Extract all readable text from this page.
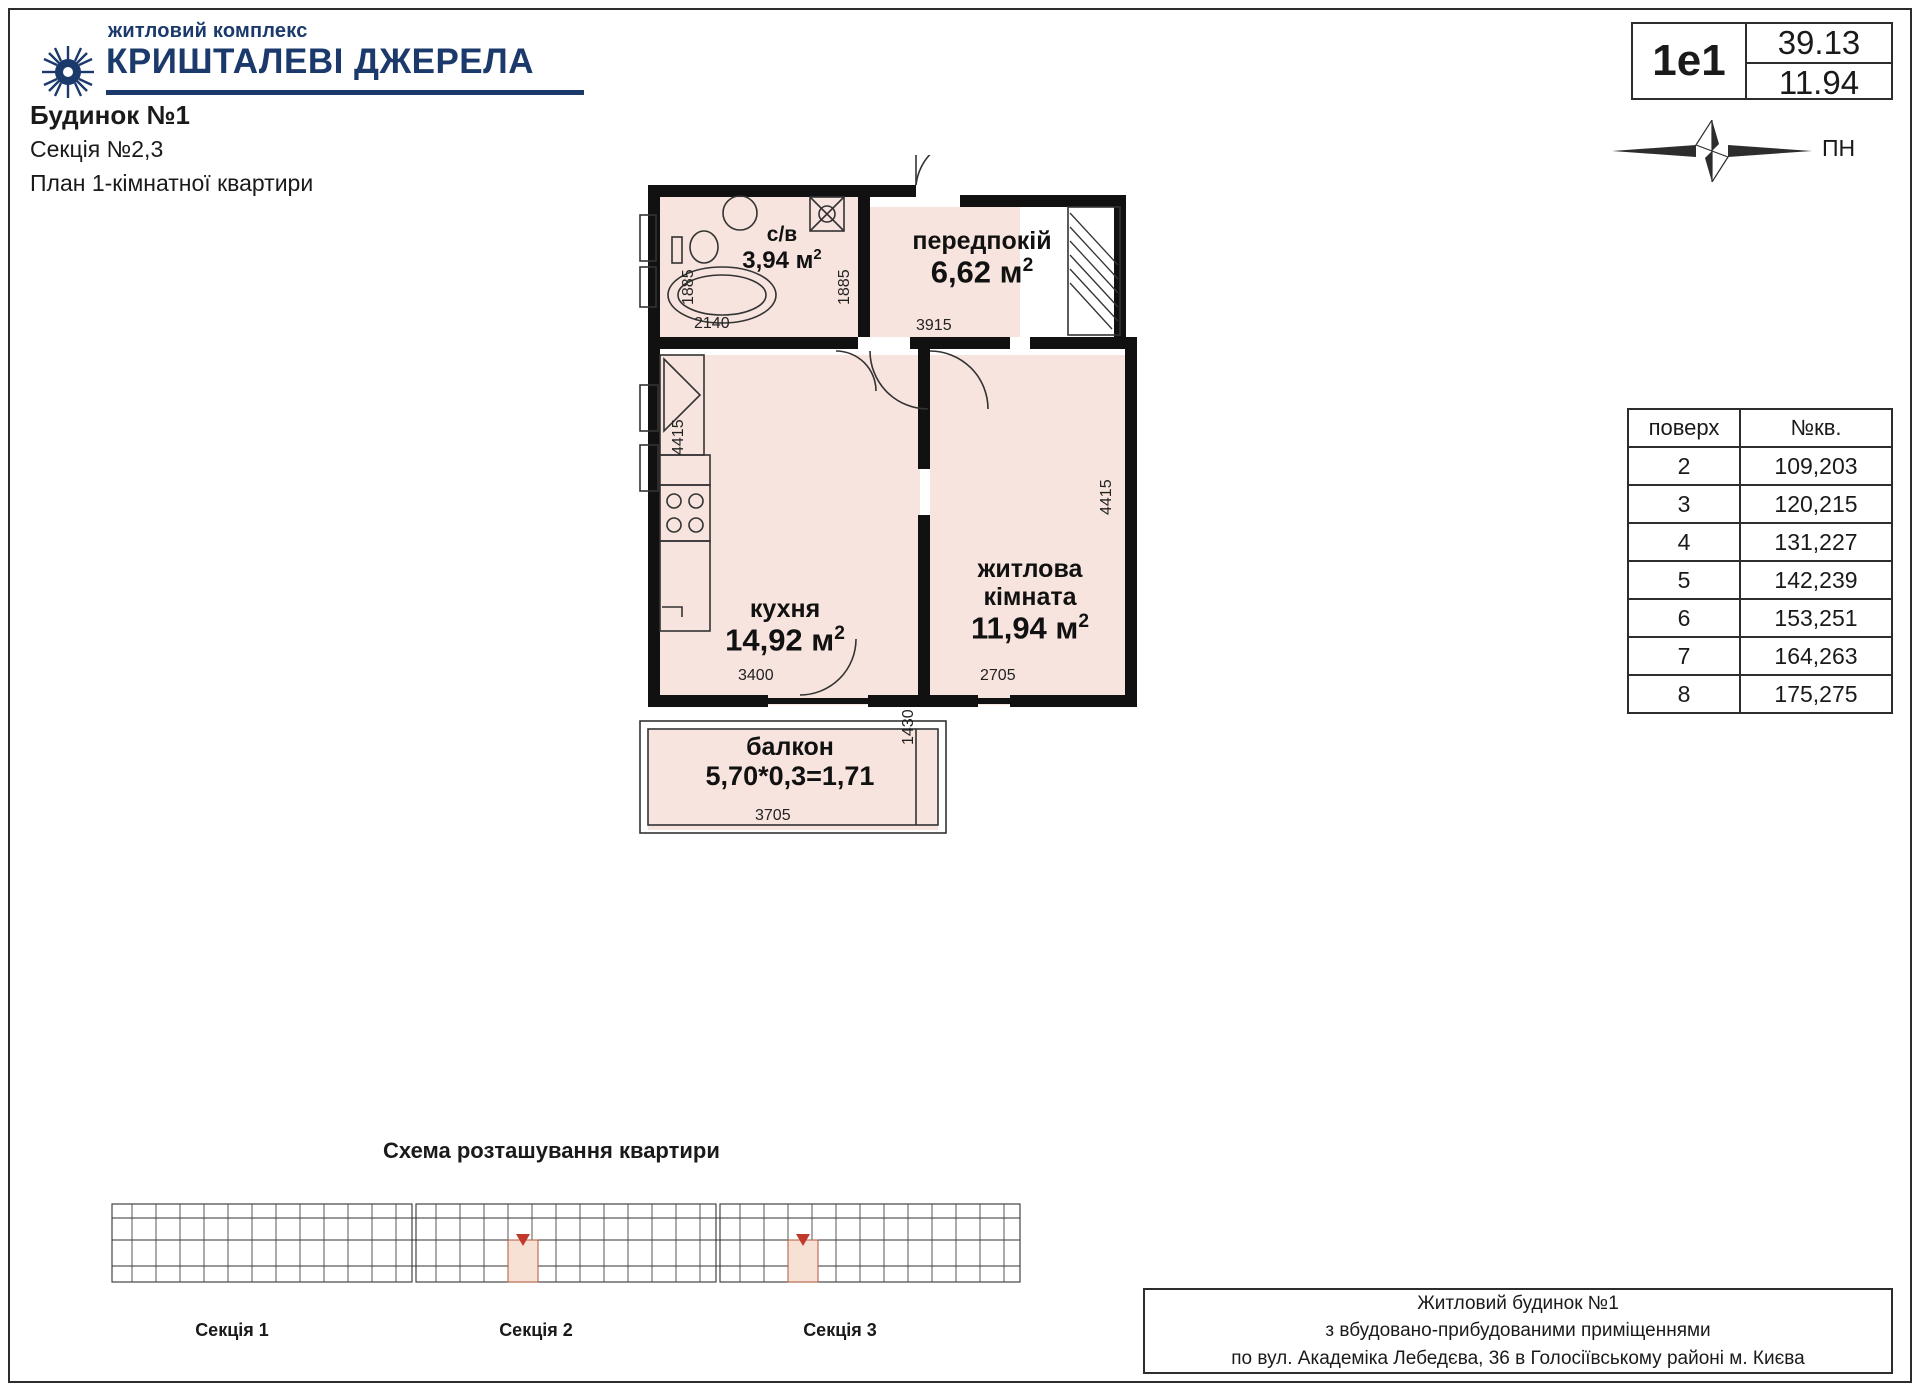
житловий комплекс
КРИШТАЛЕВІ ДЖЕРЕЛА
Будинок №1
Секція №2,3
План 1-кімнатної квартири
1е1	39.13
11.94
ПН
поверх	№кв.
2	109,203
3	120,215
4	131,227
5	142,239
6	153,251
7	164,263
8	175,275
с/в
3,94 $м^2$	передпокій
6,62 $м^2$
кухня
14,92 $м^2$
житлова
кімната
11,94 $м^2$
балкон
5,70*0,3=1,71
2140
1885	1885
3915
4415
3400
4415
2705
3705
1430
Схема розташування квартири
Секція 1	Секція 2	Секція 3
Житловий будинок №1
з вбудовано-прибудованими приміщеннями
по вул. Академіка Лебедєва, 36 в Голосіївському районі м. Києва
